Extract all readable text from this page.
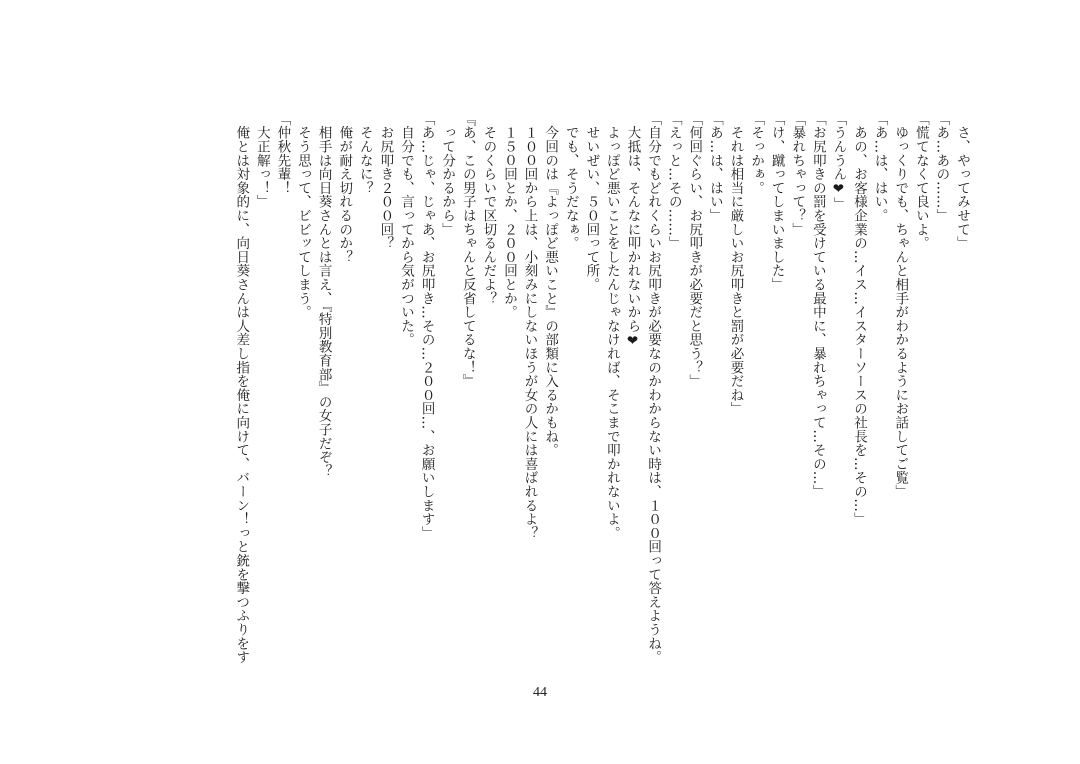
　さ、やってみせて」
「あ…あの……」
「慌てなくて良いよ。
　ゆっくりでも、ちゃんと相手がわかるようにお話してご覧」
「あ…は、はい。
　あの、お客様企業の…イス…イスターソースの社長を…その…」
「うんうん❤」
「お尻叩きの罰を受けている最中に、暴れちゃって…その…」
「暴れちゃって？」
「け、蹴ってしまいました」
「そっかぁ。
　それは相当に厳しいお尻叩きと罰が必要だね」
「あ…は、はい」
「何回ぐらい、お尻叩きが必要だと思う？」
「えっと…その……」
「自分でもどれくらいお尻叩きが必要なのかわからない時は、１００回って答えようね。
　大抵は、そんなに叩かれないから❤
　よっぽど悪いことをしたんじゃなければ、そこまで叩かれないよ。
　せいぜい、５０回って所。
　でも、そうだなぁ。
　今回のは『よっぽど悪いこと』の部類に入るかもね。
　１００回から上は、小刻みにしないほうが女の人には喜ばれるよ？
　１５０回とか、２００回とか。
　そのくらいで区切るんだよ？
『あ、この男子はちゃんと反省してるな！』
　って分かるから」
「あ…じゃ、じゃあ、お尻叩き…その…２００回…、お願いします」
　自分でも、言ってから気がついた。
　お尻叩き２００回？
　そんなに？
　俺が耐え切れるのか？
　相手は向日葵さんとは言え、『特別教育部』の女子だぞ？
　そう思って、ビビッてしまう。
「仲秋先輩！
　大正解っ！」
　俺とは対象的に、向日葵さんは人差し指を俺に向けて、バーン！っと銃を撃つふりをす
44
